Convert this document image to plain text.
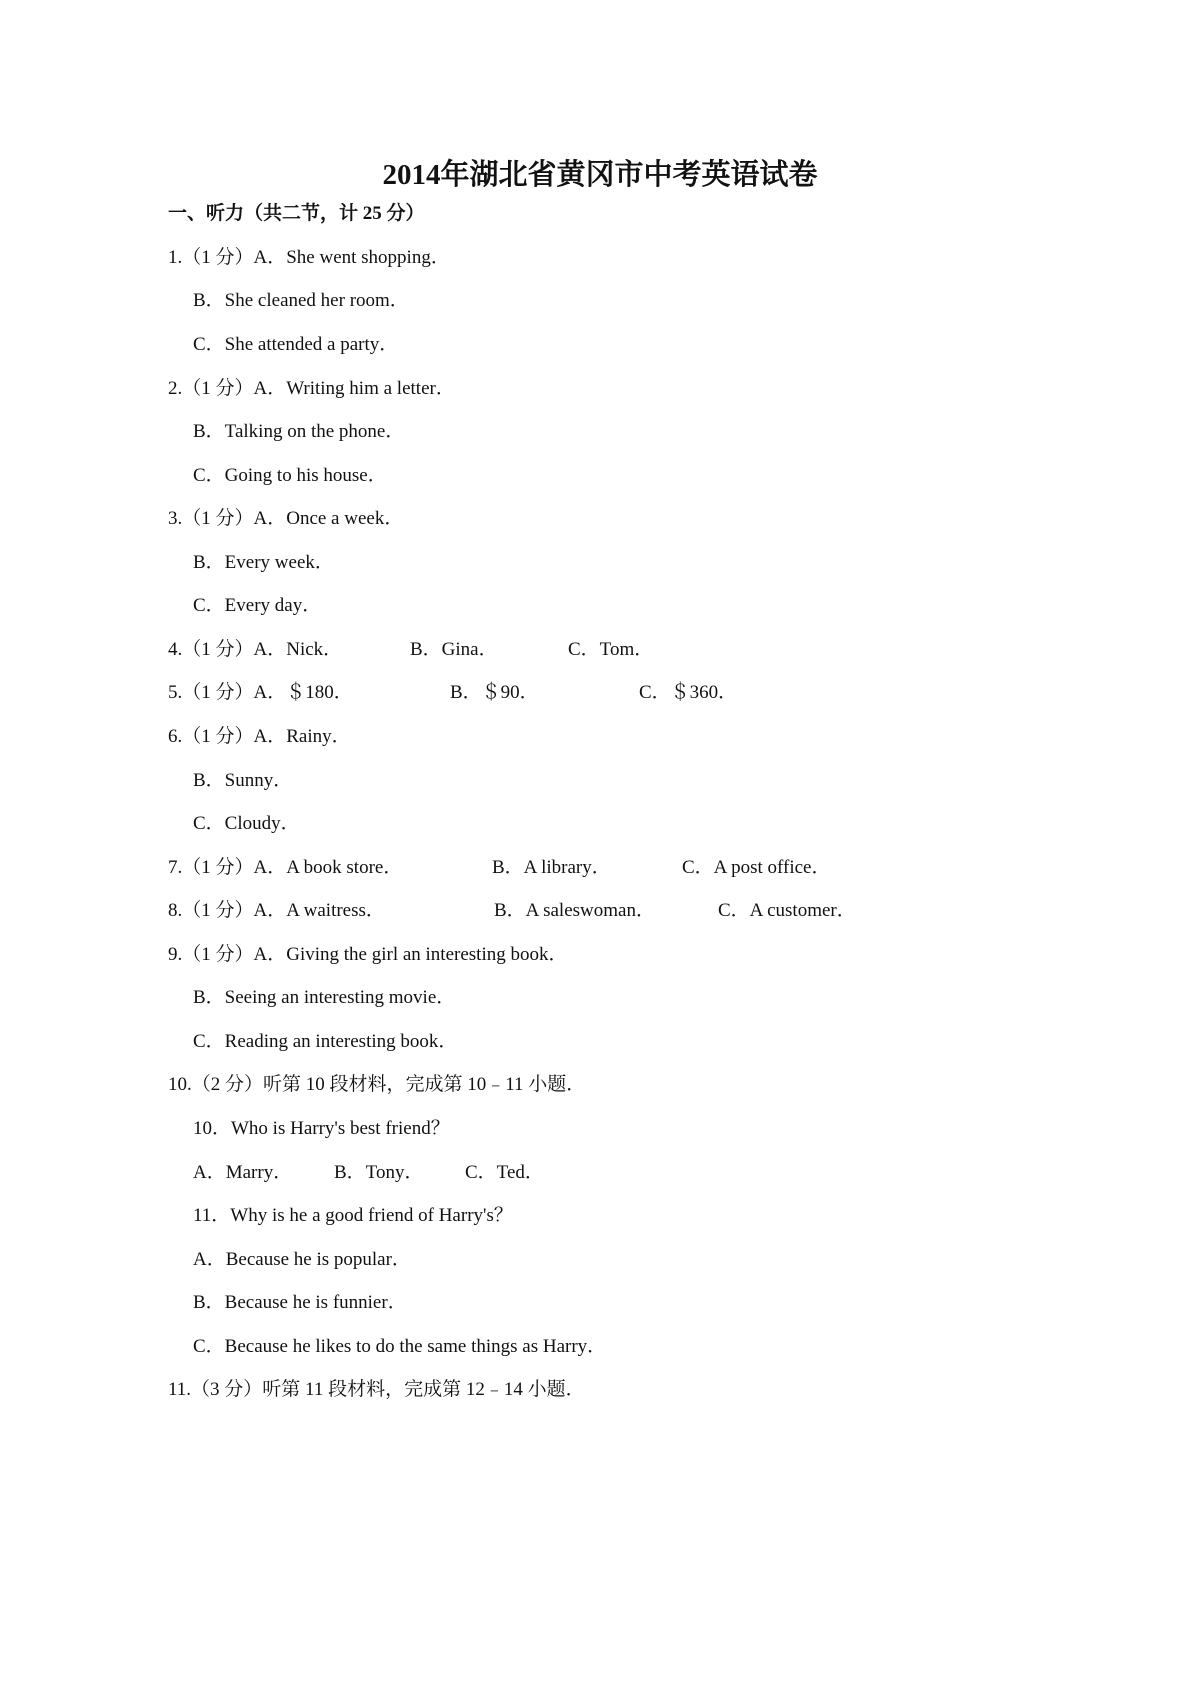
2014年湖北省黄冈市中考英语试卷
一、听力（共二节，计 25 分）
1.（1 分）A．She went shopping．
B．She cleaned her room．
C．She attended a party．
2.（1 分）A．Writing him a letter．
B．Talking on the phone．
C．Going to his house．
3.（1 分）A．Once a week．
B．Every week．
C．Every day．
4.（1 分）A．Nick．	B．Gina．	C．Tom．
5.（1 分）A．＄180．	B．＄90．	C．＄360．
6.（1 分）A．Rainy．
B．Sunny．
C．Cloudy．
7.（1 分）A．A book store．	B．A library．	C．A post office．
8.（1 分）A．A waitress．	B．A saleswoman．	C．A customer．
9.（1 分）A．Giving the girl an interesting book．
B．Seeing an interesting movie．
C．Reading an interesting book．
10.（2 分）听第 10 段材料，完成第 10﹣11 小题．
10．Who is Harry's best friend？
A．Marry． B．Tony． C．Ted．
11．Why is he a good friend of Harry's？
A．Because he is popular．
B．Because he is funnier．
C．Because he likes to do the same things as Harry．
11.（3 分）听第 11 段材料，完成第 12﹣14 小题．
